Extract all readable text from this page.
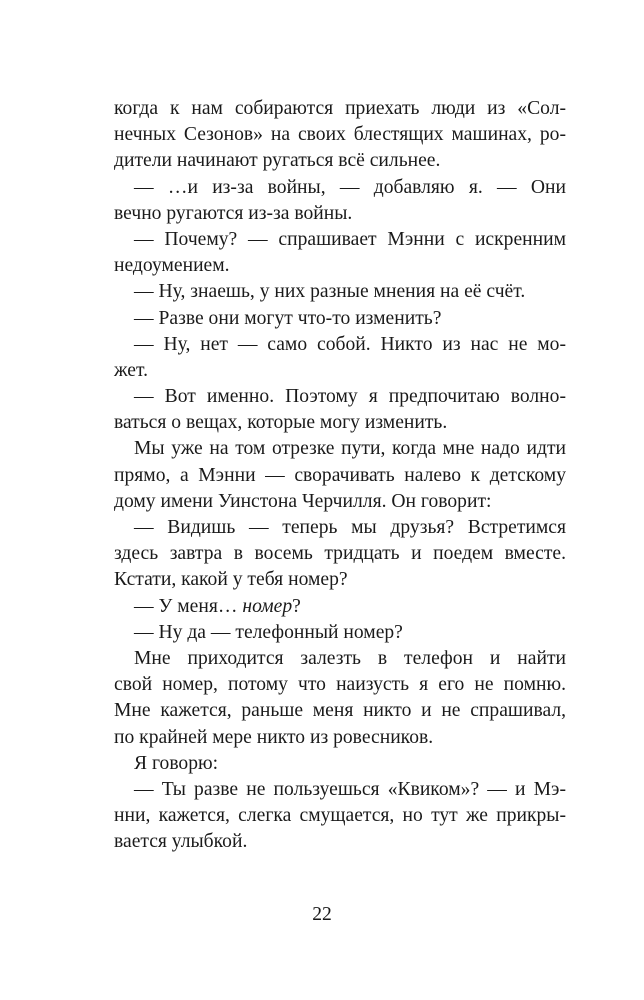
когда к нам собираются приехать люди из «Сол-
нечных Сезонов» на своих блестящих машинах, ро-
дители начинают ругаться всё сильнее.
— …и из-за войны, — добавляю я. — Они
вечно ругаются из-за войны.
— Почему? — спрашивает Мэнни с искренним
недоумением.
— Ну, знаешь, у них разные мнения на её счёт.
— Разве они могут что-то изменить?
— Ну, нет — само собой. Никто из нас не мо-
жет.
— Вот именно. Поэтому я предпочитаю волно-
ваться о вещах, которые могу изменить.
Мы уже на том отрезке пути, когда мне надо идти
прямо, а Мэнни — сворачивать налево к детскому
дому имени Уинстона Черчилля. Он говорит:
— Видишь — теперь мы друзья? Встретимся
здесь завтра в восемь тридцать и поедем вместе.
Кстати, какой у тебя номер?
— У меня… номер?
— Ну да — телефонный номер?
Мне приходится залезть в телефон и найти
свой номер, потому что наизусть я его не помню.
Мне кажется, раньше меня никто и не спрашивал,
по крайней мере никто из ровесников.
Я говорю:
— Ты разве не пользуешься «Квиком»? — и Мэ-
нни, кажется, слегка смущается, но тут же прикры-
вается улыбкой.
22
